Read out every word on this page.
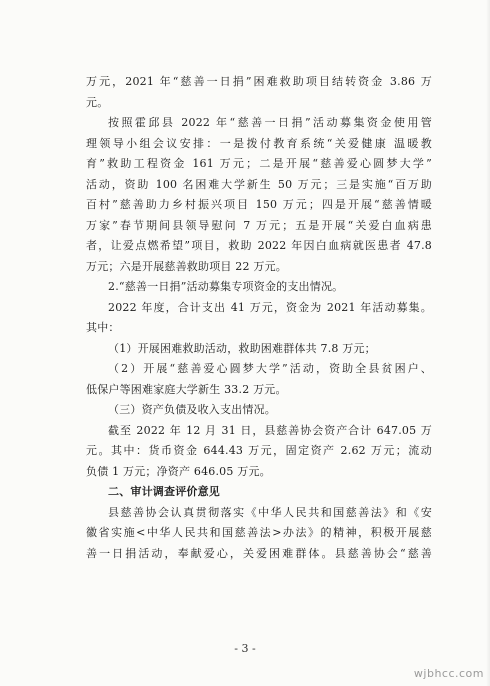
万元，2021 年“慈善一日捐”困难救助项目结转资金 3.86 万
元。
按照霍邱县 2022 年“慈善一日捐”活动募集资金使用管
理领导小组会议安排：一是拨付教育系统“关爱健康 温暖教
育”救助工程资金 161 万元；二是开展“慈善爱心圆梦大学”
活动，资助 100 名困难大学新生 50 万元；三是实施“百万助
百村”慈善助力乡村振兴项目 150 万元；四是开展“慈善情暖
万家”春节期间县领导慰问 7 万元；五是开展“关爱白血病患
者，让爱点燃希望”项目，救助 2022 年因白血病就医患者 47.8
万元；六是开展慈善救助项目 22 万元。
2.“慈善一日捐”活动募集专项资金的支出情况。
2022 年度，合计支出 41 万元，资金为 2021 年活动募集。
其中：
（1）开展困难救助活动，救助困难群体共 7.8 万元；
（2）开展“慈善爱心圆梦大学”活动，资助全县贫困户、
低保户等困难家庭大学新生 33.2 万元。
（三）资产负债及收入支出情况。
截至 2022 年 12 月 31 日，县慈善协会资产合计 647.05 万
元。其中：货币资金 644.43 万元，固定资产 2.62 万元；流动
负债 1 万元；净资产 646.05 万元。
二、审计调查评价意见
县慈善协会认真贯彻落实《中华人民共和国慈善法》和《安
徽省实施<中华人民共和国慈善法>办法》的精神，积极开展慈
善一日捐活动，奉献爱心，关爱困难群体。县慈善协会“慈善
- 3 -
wjbhcc.com
